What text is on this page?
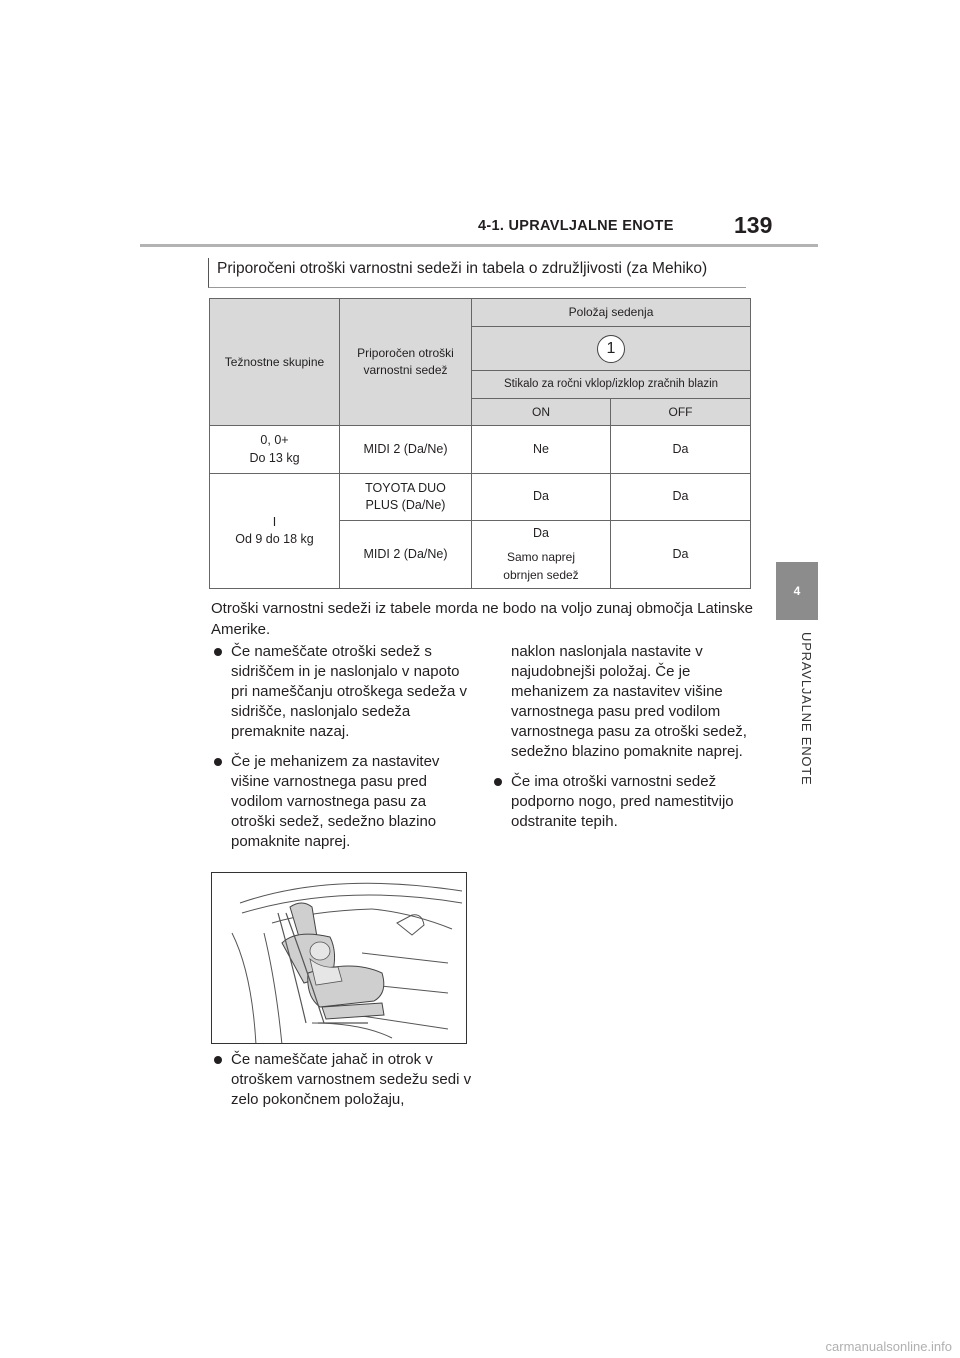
4-1. UPRAVLJALNE ENOTE	139
4
UPRAVLJALNE ENOTE
Priporočeni otroški varnostni sedeži in tabela o združljivosti (za Mehiko)
Težnostne skupine	Priporočen otroški
varnostni sedež	Položaj sedenja	
		1	
		Stikalo za ročni vklop/izklop zračnih blazin	
		ON	OFF
0, 0+
Do 13 kg	MIDI 2 (Da/Ne)	Ne	Da
I
Od 9 do 18 kg	TOYOTA DUO
PLUS (Da/Ne)	Da	Da
	MIDI 2 (Da/Ne)	Da
Samo naprej
obrnjen sedež	Da
Otroški varnostni sedeži iz tabele morda ne bodo na voljo zunaj območja Latinske Amerike.

Če nameščate otroški sedež s sidriščem in je naslonjalo v napoto pri nameščanju otroškega sedeža v sidrišče, naslonjalo sedeža premaknite nazaj.

Če je mehanizem za nastavitev višine varnostnega pasu pred vodilom varnostnega pasu za otroški sedež, sedežno blazino pomaknite naprej.

naklon naslonjala nastavite v najudobnejši položaj. Če je mehanizem za nastavitev višine varnostnega pasu pred vodilom varnostnega pasu za otroški sedež, sedežno blazino pomaknite naprej.

Če ima otroški varnostni sedež podporno nogo, pred namestitvijo odstranite tepih.

Če nameščate jahač in otrok v otroškem varnostnem sedežu sedi v zelo pokončnem položaju,

carmanualsonline.info
